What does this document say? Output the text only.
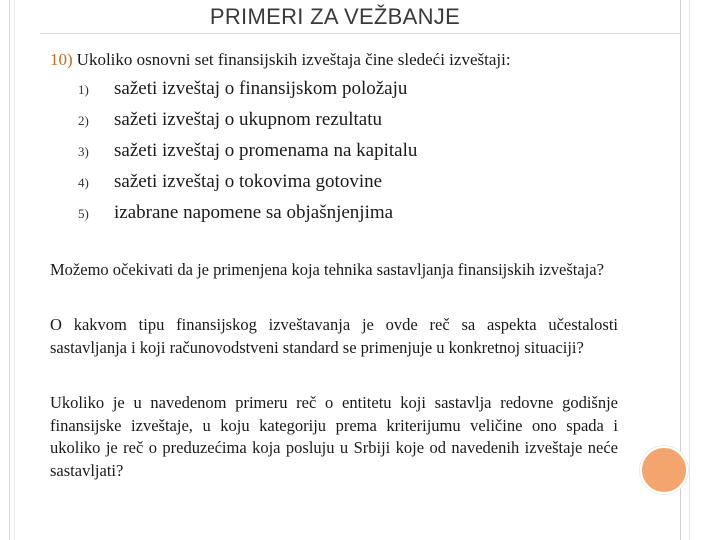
PRIMERI ZA VEŽBANJE
10) Ukoliko osnovni set finansijskih izveštaja čine sledeći izveštaji:
1)	sažeti izveštaj o finansijskom položaju
2)	sažeti izveštaj o ukupnom rezultatu
3)	sažeti izveštaj o promenama na kapitalu
4)	sažeti izveštaj o tokovima gotovine
5)	izabrane napomene sa objašnjenjima

Možemo očekivati da je primenjena koja tehnika sastavljanja finansijskih izveštaja?

O kakvom tipu finansijskog izveštavanja je ovde reč sa aspekta učestalosti sastavljanja i koji računovodstveni standard se primenjuje u konkretnoj situaciji?

Ukoliko je u navedenom primeru reč o entitetu koji sastavlja redovne godišnje finansijske izveštaje, u koju kategoriju prema kriterijumu veličine ono spada i ukoliko je reč o preduzećima koja posluju u Srbiji koje od navedenih izveštaje neće sastavljati?
